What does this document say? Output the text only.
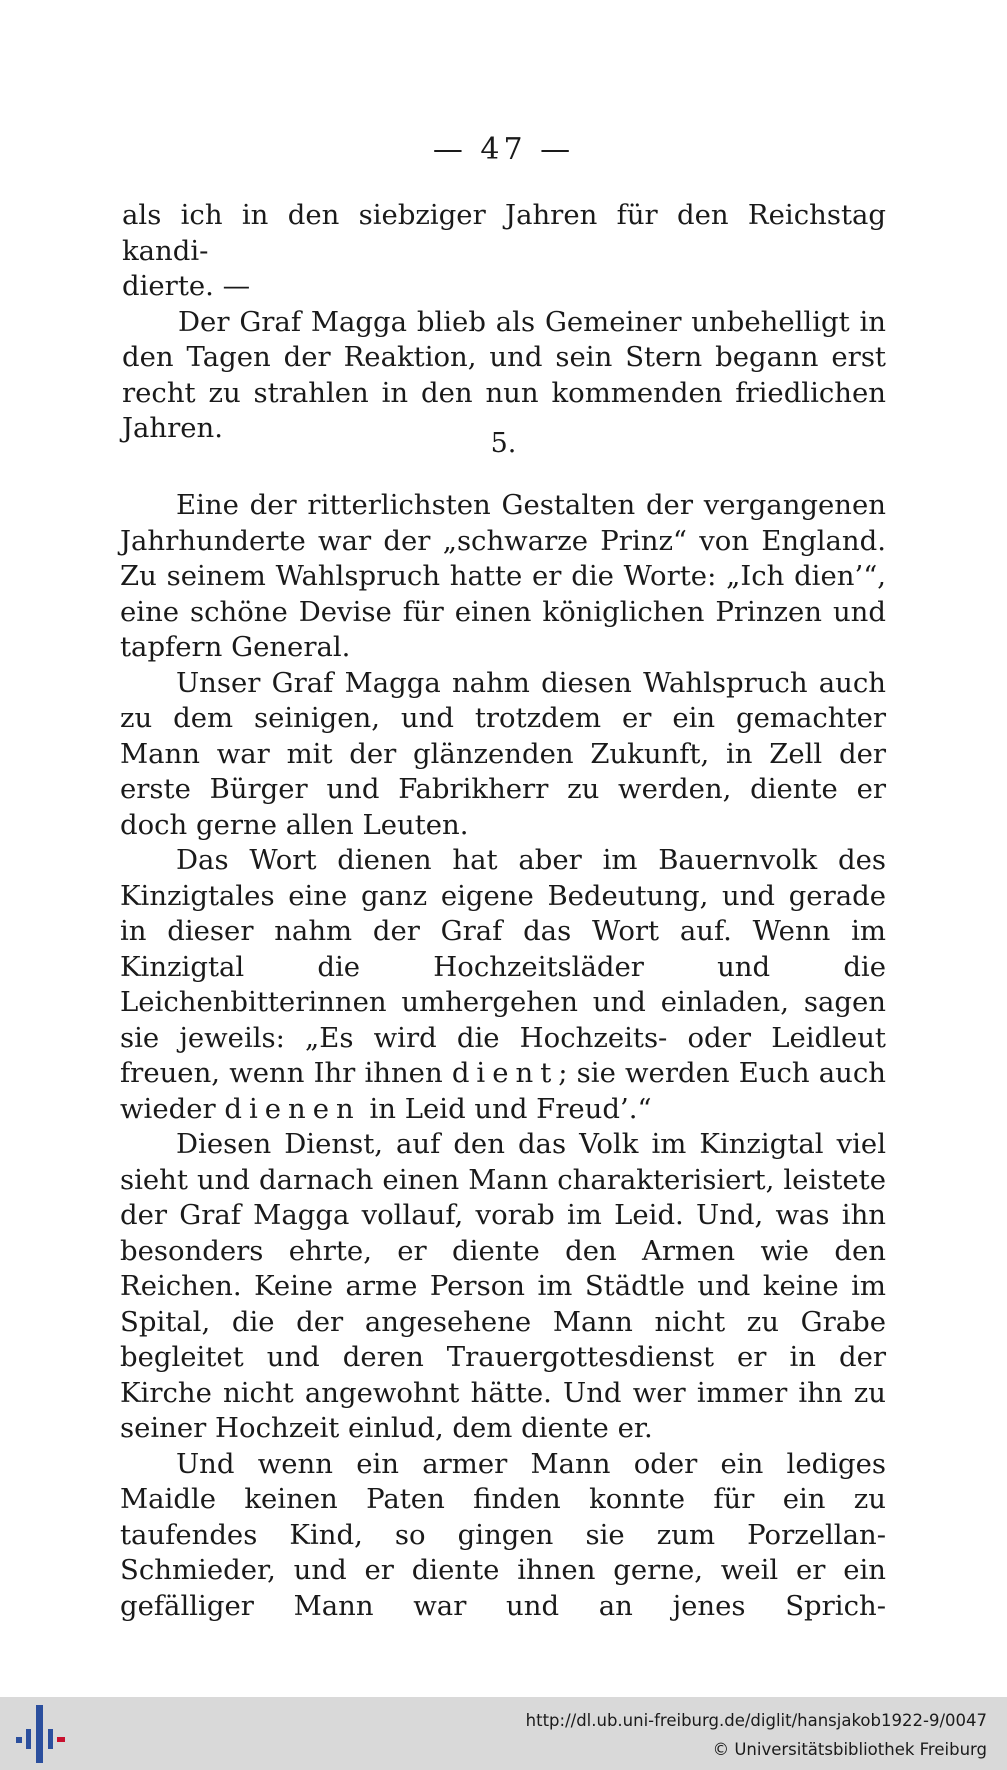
— 47 —

als ich in den siebziger Jahren für den Reichstag kandi-

dierte. —

Der Graf Magga blieb als Gemeiner unbehelligt in den Tagen der Reaktion, und sein Stern begann erst recht zu strahlen in den nun kommenden friedlichen Jahren.	5.

Eine der ritterlichsten Gestalten der vergangenen Jahrhunderte war der „schwarze Prinz“ von England. Zu seinem Wahlspruch hatte er die Worte: „Ich dien’“, eine schöne Devise für einen königlichen Prinzen und tapfern General.

Unser Graf Magga nahm diesen Wahlspruch auch zu dem seinigen, und trotzdem er ein gemachter Mann war mit der glänzenden Zukunft, in Zell der erste Bürger und Fabrikherr zu werden, diente er doch gerne allen Leuten.

Das Wort dienen hat aber im Bauernvolk des Kinzigtales eine ganz eigene Bedeutung, und gerade in dieser nahm der Graf das Wort auf. Wenn im Kinzigtal die Hochzeitsläder und die Leichenbitterinnen umhergehen und einladen, sagen sie jeweils: „Es wird die Hochzeits- oder Leidleut freuen, wenn Ihr ihnen dient; sie werden Euch auch wieder dienen in Leid und Freud’.“

Diesen Dienst, auf den das Volk im Kinzigtal viel sieht und darnach einen Mann charakterisiert, leistete der Graf Magga vollauf, vorab im Leid. Und, was ihn besonders ehrte, er diente den Armen wie den Reichen. Keine arme Person im Städtle und keine im Spital, die der angesehene Mann nicht zu Grabe begleitet und deren Trauergottesdienst er in der Kirche nicht angewohnt hätte. Und wer immer ihn zu seiner Hochzeit einlud, dem diente er.

Und wenn ein armer Mann oder ein lediges Maidle keinen Paten finden konnte für ein zu taufendes Kind, so gingen sie zum Porzellan-Schmieder, und er diente ihnen gerne, weil er ein gefälliger Mann war und an jenes Sprich-

http://dl.ub.uni-freiburg.de/diglit/hansjakob1922-9/0047
© Universitätsbibliothek Freiburg
